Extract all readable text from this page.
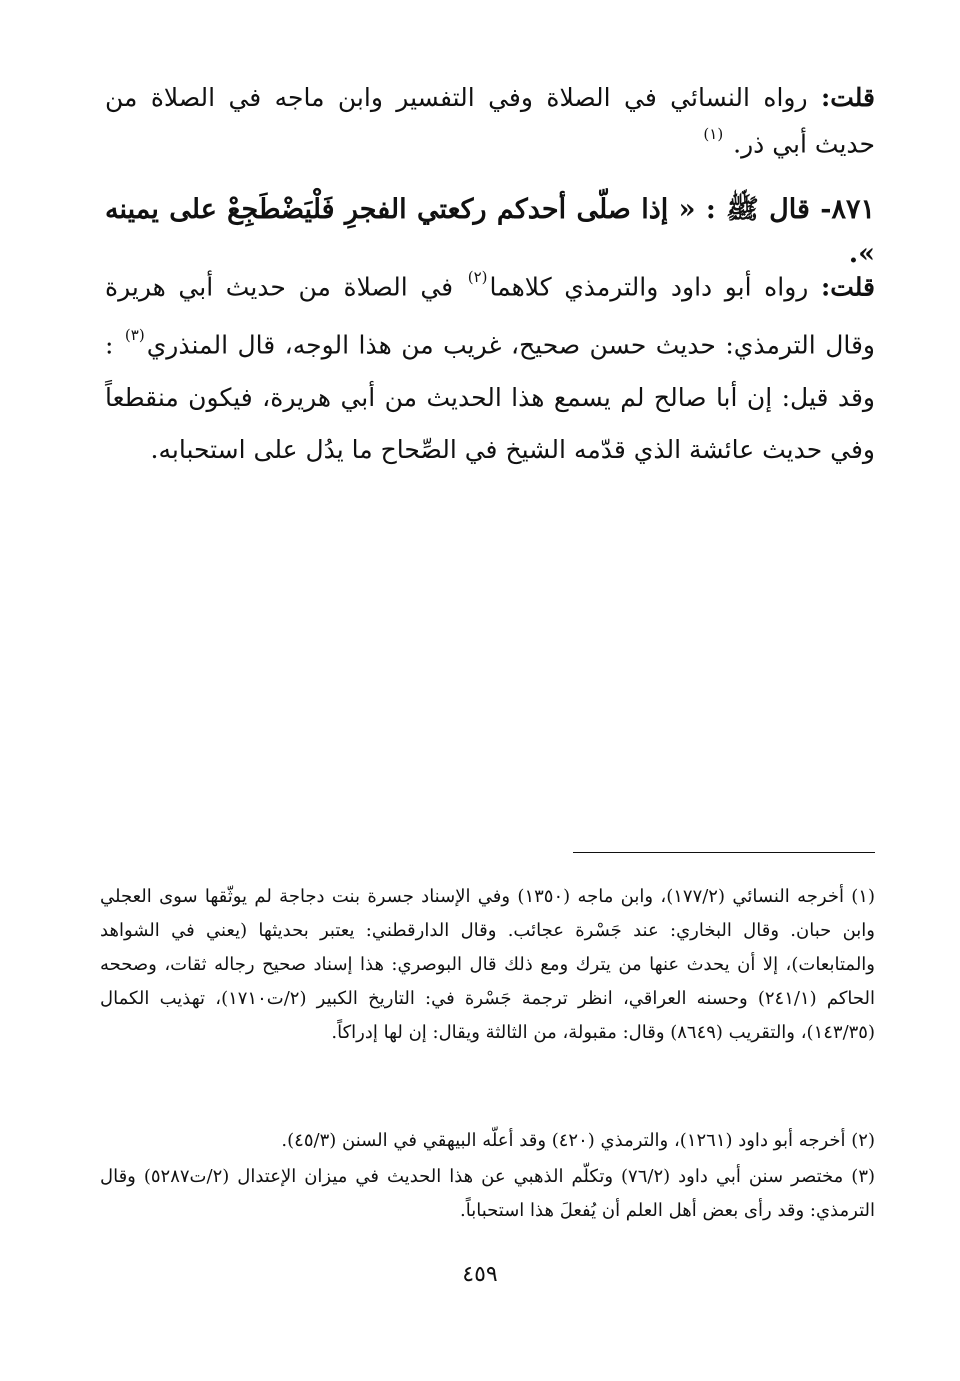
قلت: رواه النسائي في الصلاة وفي التفسير وابن ماجه في الصلاة من حديث أبي ذر. $^{(١)}$
٨٧١- قال ﷺ : « إذا صلّى أحدكم ركعتي الفجرِ فَلْيَضْطَجِعْ على يمينه ».
قلت: رواه أبو داود والترمذي كلاهما$^{(٢)}$ في الصلاة من حديث أبي هريرة وقال الترمذي: حديث حسن صحيح، غريب من هذا الوجه، قال المنذري$^{(٣)}$ : وقد قيل: إن أبا صالح لم يسمع هذا الحديث من أبي هريرة، فيكون منقطعاً وفي حديث عائشة الذي قدّمه الشيخ في الصِّحاح ما يدُل على استحبابه.
(١) أخرجه النسائي (١٧٧/٢)، وابن ماجه (١٣٥٠) وفي الإسناد جسرة بنت دجاجة لم يوثّقها سوى العجلي وابن حبان. وقال البخاري: عند جَسْرة عجائب. وقال الدارقطني: يعتبر بحديثها (يعني في الشواهد والمتابعات)، إلا أن يحدث عنها من يترك ومع ذلك قال البوصري: هذا إسناد صحيح رجاله ثقات، وصححه الحاكم (٢٤١/١) وحسنه العراقي، انظر ترجمة جَسْرة في: التاريخ الكبير (٢/ت١٧١٠)، تهذيب الكمال (١٤٣/٣٥)، والتقريب (٨٦٤٩) وقال: مقبولة، من الثالثة ويقال: إن لها إدراكاً.
(٢) أخرجه أبو داود (١٢٦١)، والترمذي (٤٢٠) وقد أعلّه البيهقي في السنن (٤٥/٣).
(٣) مختصر سنن أبي داود (٧٦/٢) وتكلّم الذهبي عن هذا الحديث في ميزان الإعتدال (٢/ت٥٢٨٧) وقال الترمذي: وقد رأى بعض أهل العلم أن يُفعلَ هذا استحباباً.
٤٥٩
